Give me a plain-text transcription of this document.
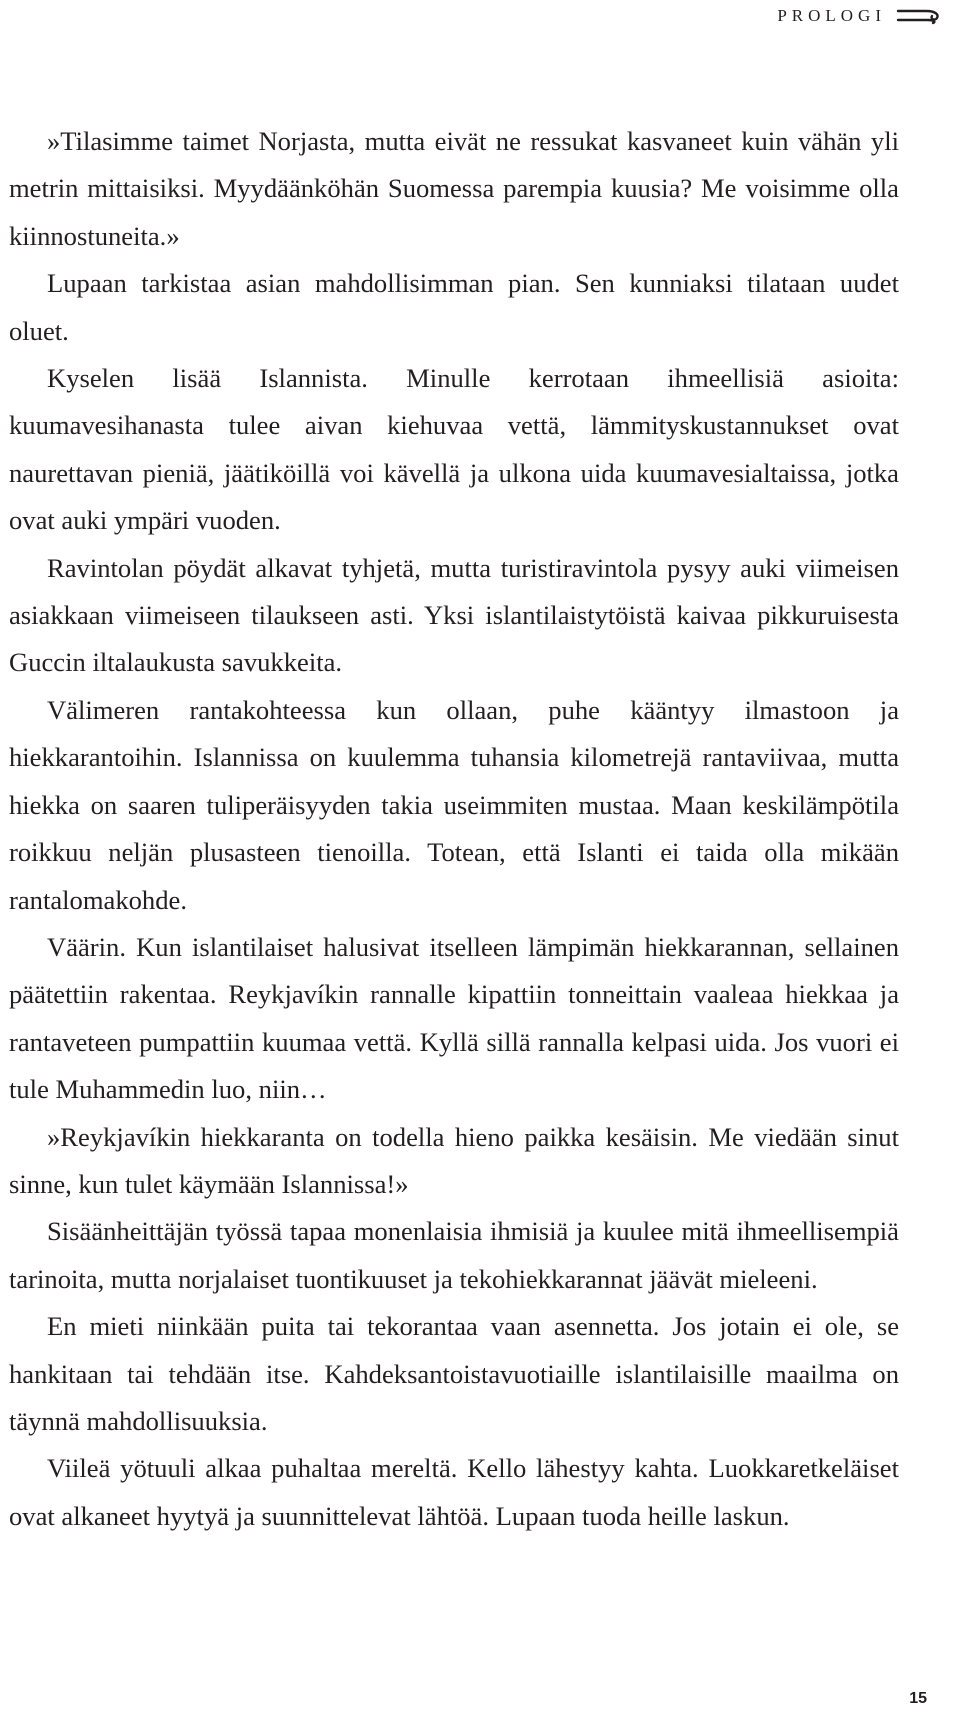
PROLOGI

»Tilasimme taimet Norjasta, mutta eivät ne ressukat kasvaneet kuin vähän yli metrin mittaisiksi. Myydäänköhän Suomessa parempia kuusia? Me voisimme olla kiinnostuneita.»

Lupaan tarkistaa asian mahdollisimman pian. Sen kunniaksi tilataan uudet oluet.

Kyselen lisää Islannista. Minulle kerrotaan ihmeellisiä asioita: kuumavesihanasta tulee aivan kiehuvaa vettä, lämmityskustannukset ovat naurettavan pieniä, jäätiköillä voi kävellä ja ulkona uida kuumavesialtaissa, jotka ovat auki ympäri vuoden.

Ravintolan pöydät alkavat tyhjetä, mutta turistiravintola pysyy auki viimeisen asiakkaan viimeiseen tilaukseen asti. Yksi islantilaistytöistä kaivaa pikkuruisesta Guccin iltalaukusta savukkeita.

Välimeren rantakohteessa kun ollaan, puhe kääntyy ilmastoon ja hiekkarantoihin. Islannissa on kuulemma tuhansia kilometrejä rantaviivaa, mutta hiekka on saaren tuliperäisyyden takia useimmiten mustaa. Maan keskilämpötila roikkuu neljän plusasteen tienoilla. Totean, että Islanti ei taida olla mikään rantalomakohde.

Väärin. Kun islantilaiset halusivat itselleen lämpimän hiekkarannan, sellainen päätettiin rakentaa. Reykjavíkin rannalle kipattiin tonneittain vaaleaa hiekkaa ja rantaveteen pumpattiin kuumaa vettä. Kyllä sillä rannalla kelpasi uida. Jos vuori ei tule Muhammedin luo, niin…

»Reykjavíkin hiekkaranta on todella hieno paikka kesäisin. Me viedään sinut sinne, kun tulet käymään Islannissa!»

Sisäänheittäjän työssä tapaa monenlaisia ihmisiä ja kuulee mitä ihmeellisempiä tarinoita, mutta norjalaiset tuontikuuset ja tekohiekkarannat jäävät mieleeni.

En mieti niinkään puita tai tekorantaa vaan asennetta. Jos jotain ei ole, se hankitaan tai tehdään itse. Kahdeksantoistavuotiaille islantilaisille maailma on täynnä mahdollisuuksia.

Viileä yötuuli alkaa puhaltaa mereltä. Kello lähestyy kahta. Luokkaretkeläiset ovat alkaneet hyytyä ja suunnittelevat lähtöä. Lupaan tuoda heille laskun.

15
